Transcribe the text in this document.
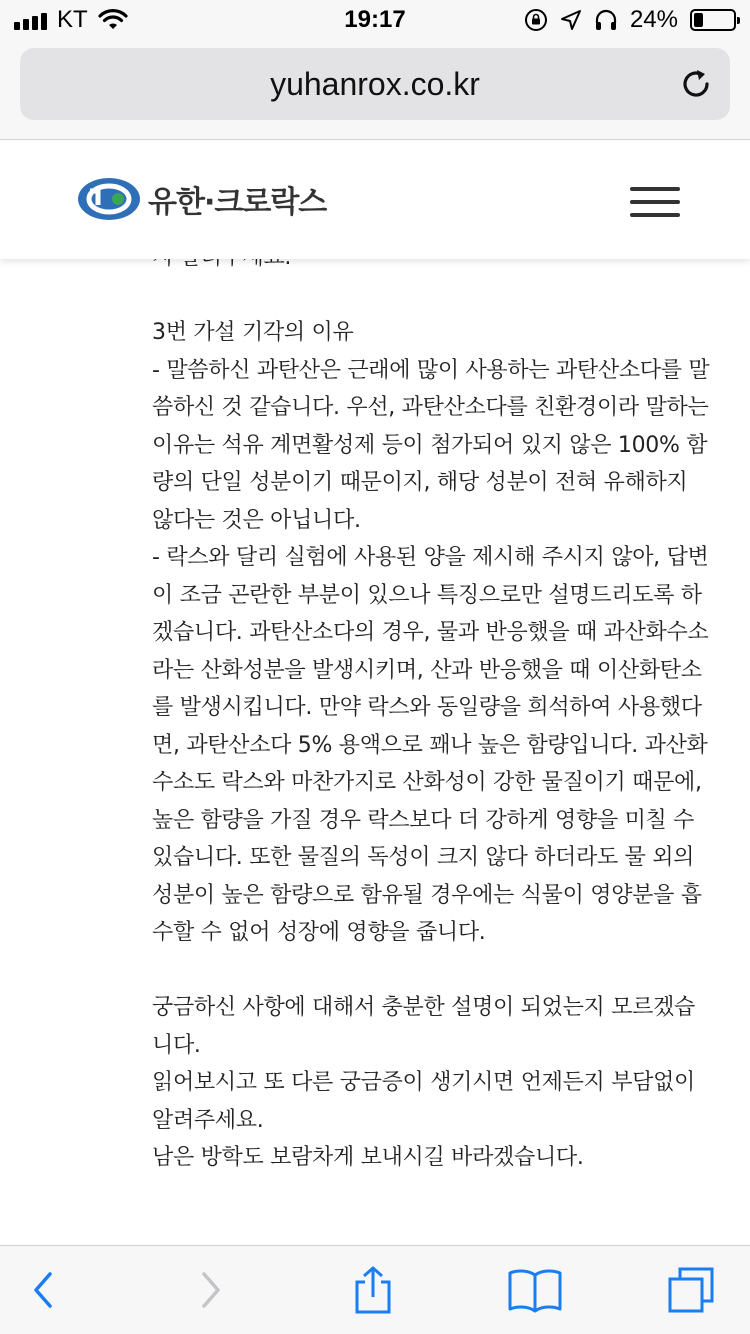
KT	19:17	24%
yuhanrox.co.kr
유한·크로락스

3번 가설 기각의 이유

- 말씀하신 과탄산은 근래에 많이 사용하는 과탄산소다를 말씀하신 것 같습니다. 우선, 과탄산소다를 친환경이라 말하는 이유는 석유 계면활성제 등이 첨가되어 있지 않은 100% 함량의 단일 성분이기 때문이지, 해당 성분이 전혀 유해하지 않다는 것은 아닙니다.

- 락스와 달리 실험에 사용된 양을 제시해 주시지 않아, 답변이 조금 곤란한 부분이 있으나 특징으로만 설명드리도록 하겠습니다. 과탄산소다의 경우, 물과 반응했을 때 과산화수소라는 산화성분을 발생시키며, 산과 반응했을 때 이산화탄소를 발생시킵니다. 만약 락스와 동일량을 희석하여 사용했다면, 과탄산소다 5% 용액으로 꽤나 높은 함량입니다. 과산화수소도 락스와 마찬가지로 산화성이 강한 물질이기 때문에, 높은 함량을 가질 경우 락스보다 더 강하게 영향을 미칠 수 있습니다. 또한 물질의 독성이 크지 않다 하더라도 물 외의 성분이 높은 함량으로 함유될 경우에는 식물이 영양분을 흡수할 수 없어 성장에 영향을 줍니다.

궁금하신 사항에 대해서 충분한 설명이 되었는지 모르겠습니다.

읽어보시고 또 다른 궁금증이 생기시면 언제든지 부담없이 알려주세요.

남은 방학도 보람차게 보내시길 바라겠습니다.
